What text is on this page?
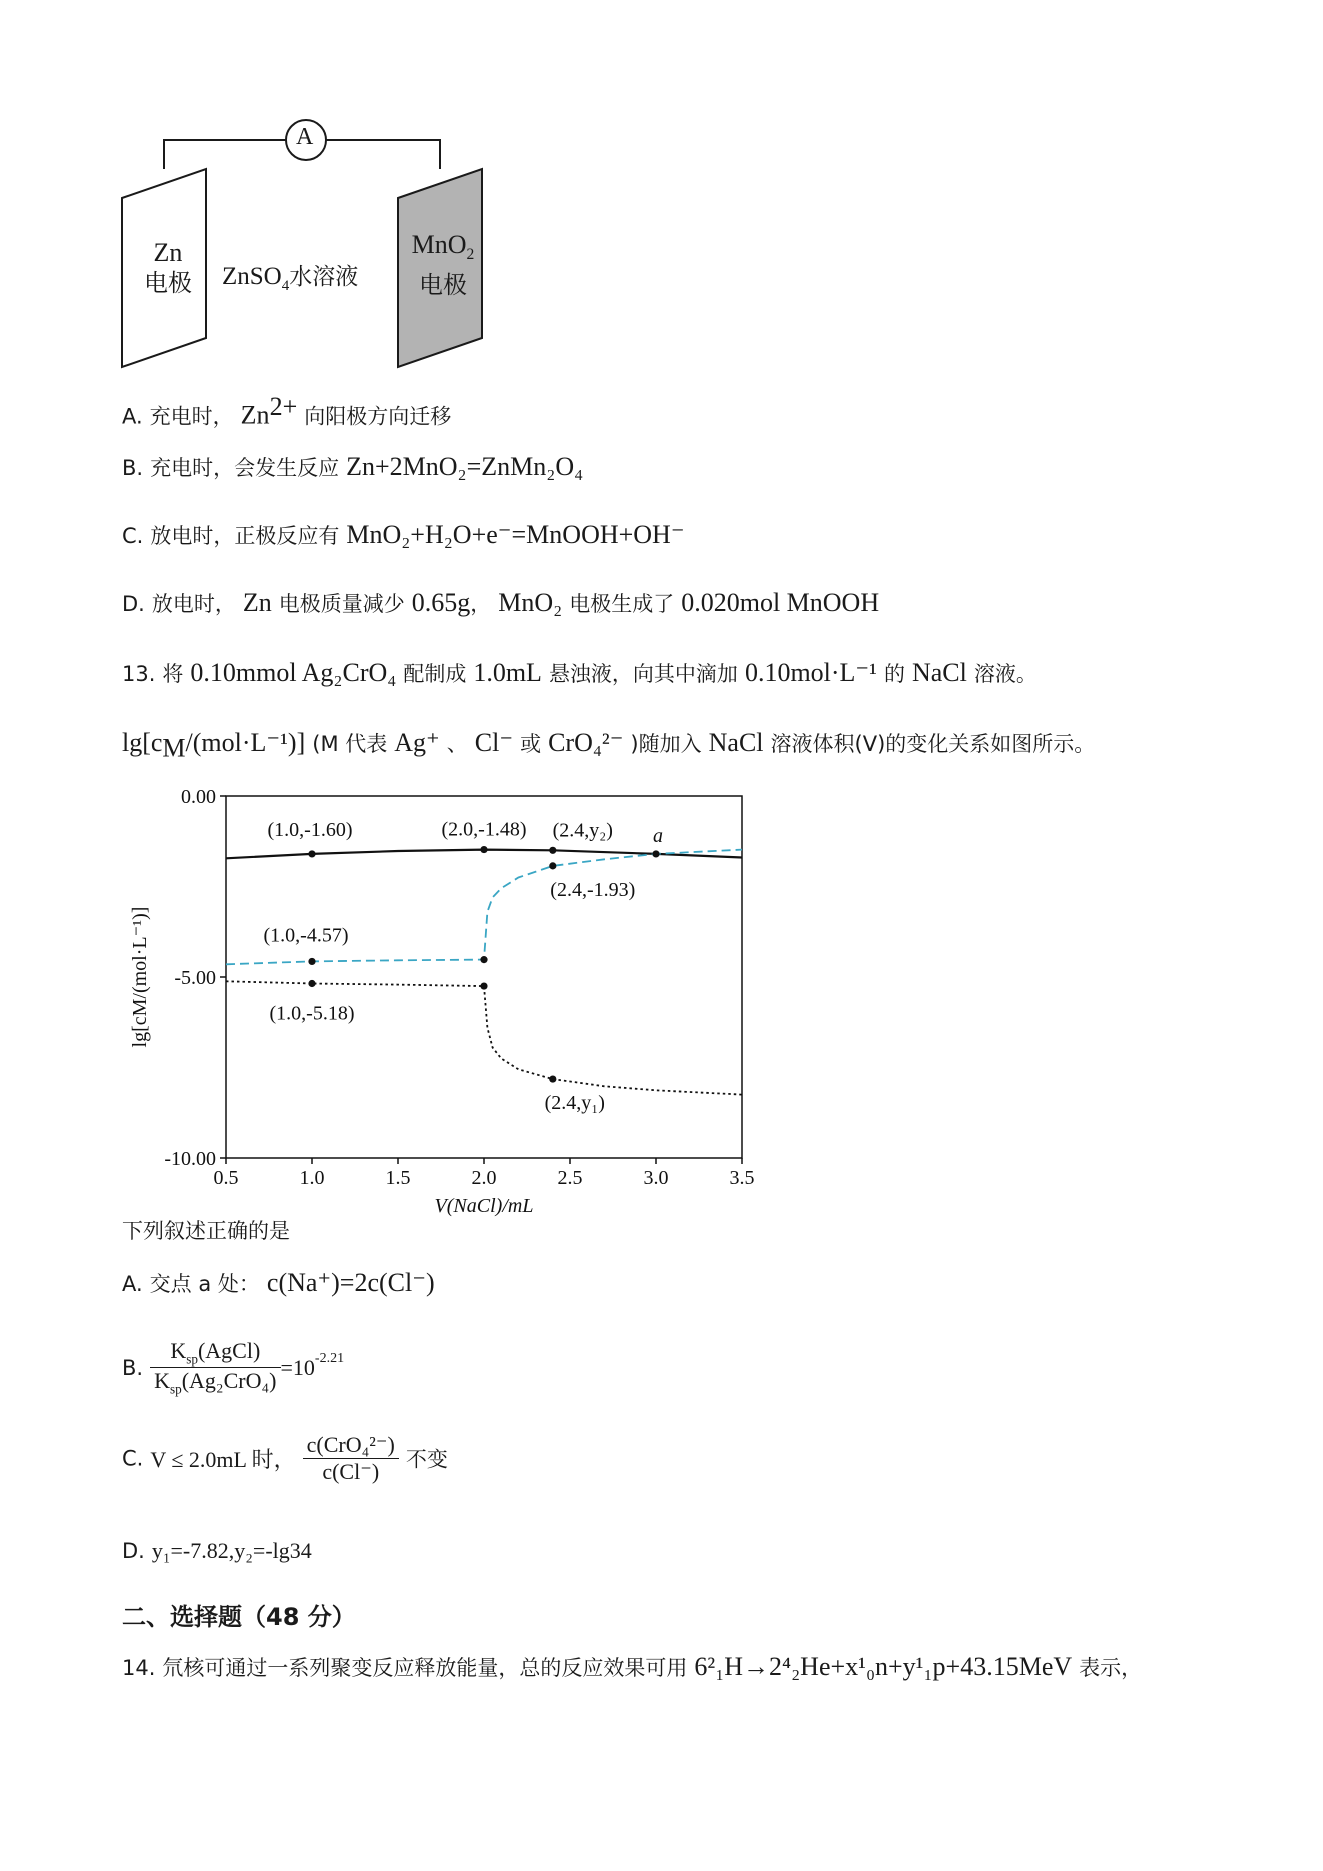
A
Zn
电极 ZnSO$_4$水溶液
MnO$_2$
电极
A. 充电时， $Zn^{2+}$ 向阳极方向迁移
B. 充电时，会发生反应 Zn+2MnO₂=ZnMn₂O₄
C. 放电时，正极反应有 MnO₂+H₂O+e⁻=MnOOH+OH⁻
D. 放电时， Zn 电极质量减少 0.65g， MnO₂ 电极生成了 0.020mol MnOOH
13. 将 0.10mmol Ag₂CrO₄ 配制成 1.0mL 悬浊液，向其中滴加 0.10mol·L⁻¹ 的 NaCl 溶液。
$\lg[c_M/(mol\cdot L^{-1})]$ (M 代表 Ag⁺ 、 Cl⁻ 或 CrO₄²⁻ )随加入 NaCl 溶液体积(V)的变化关系如图所示。
0.5	1.0	1.5	2.0	2.5	3.0	3.5
0.00
-5.00
-10.00
V(NaCl)/mL
lg[cM/(mol·L⁻¹)]
(1.0,-1.60)	(2.0,-1.48) (2.4,y₂) a
(2.4,-1.93)
(1.0,-4.57)
(1.0,-5.18)
(2.4,y₁)
下列叙述正确的是
A. 交点 a 处： c(Na⁺)=2c(Cl⁻)
B. $\frac{K_{sp}(AgCl)}{K_{sp}(Ag_2CrO_4)} =10^{-2.21}$
C. V ≤ 2.0mL 时， $\frac{\text{c(CrO₄²⁻)}}{c(Cl^-)}$ 不变
D. y₁=-7.82,y₂=-lg34
二、选择题（48 分）
14. 氘核可通过一系列聚变反应释放能量，总的反应效果可用 6²₁H→2⁴₂He+x¹₀n+y¹₁p+43.15MeV 表示，
